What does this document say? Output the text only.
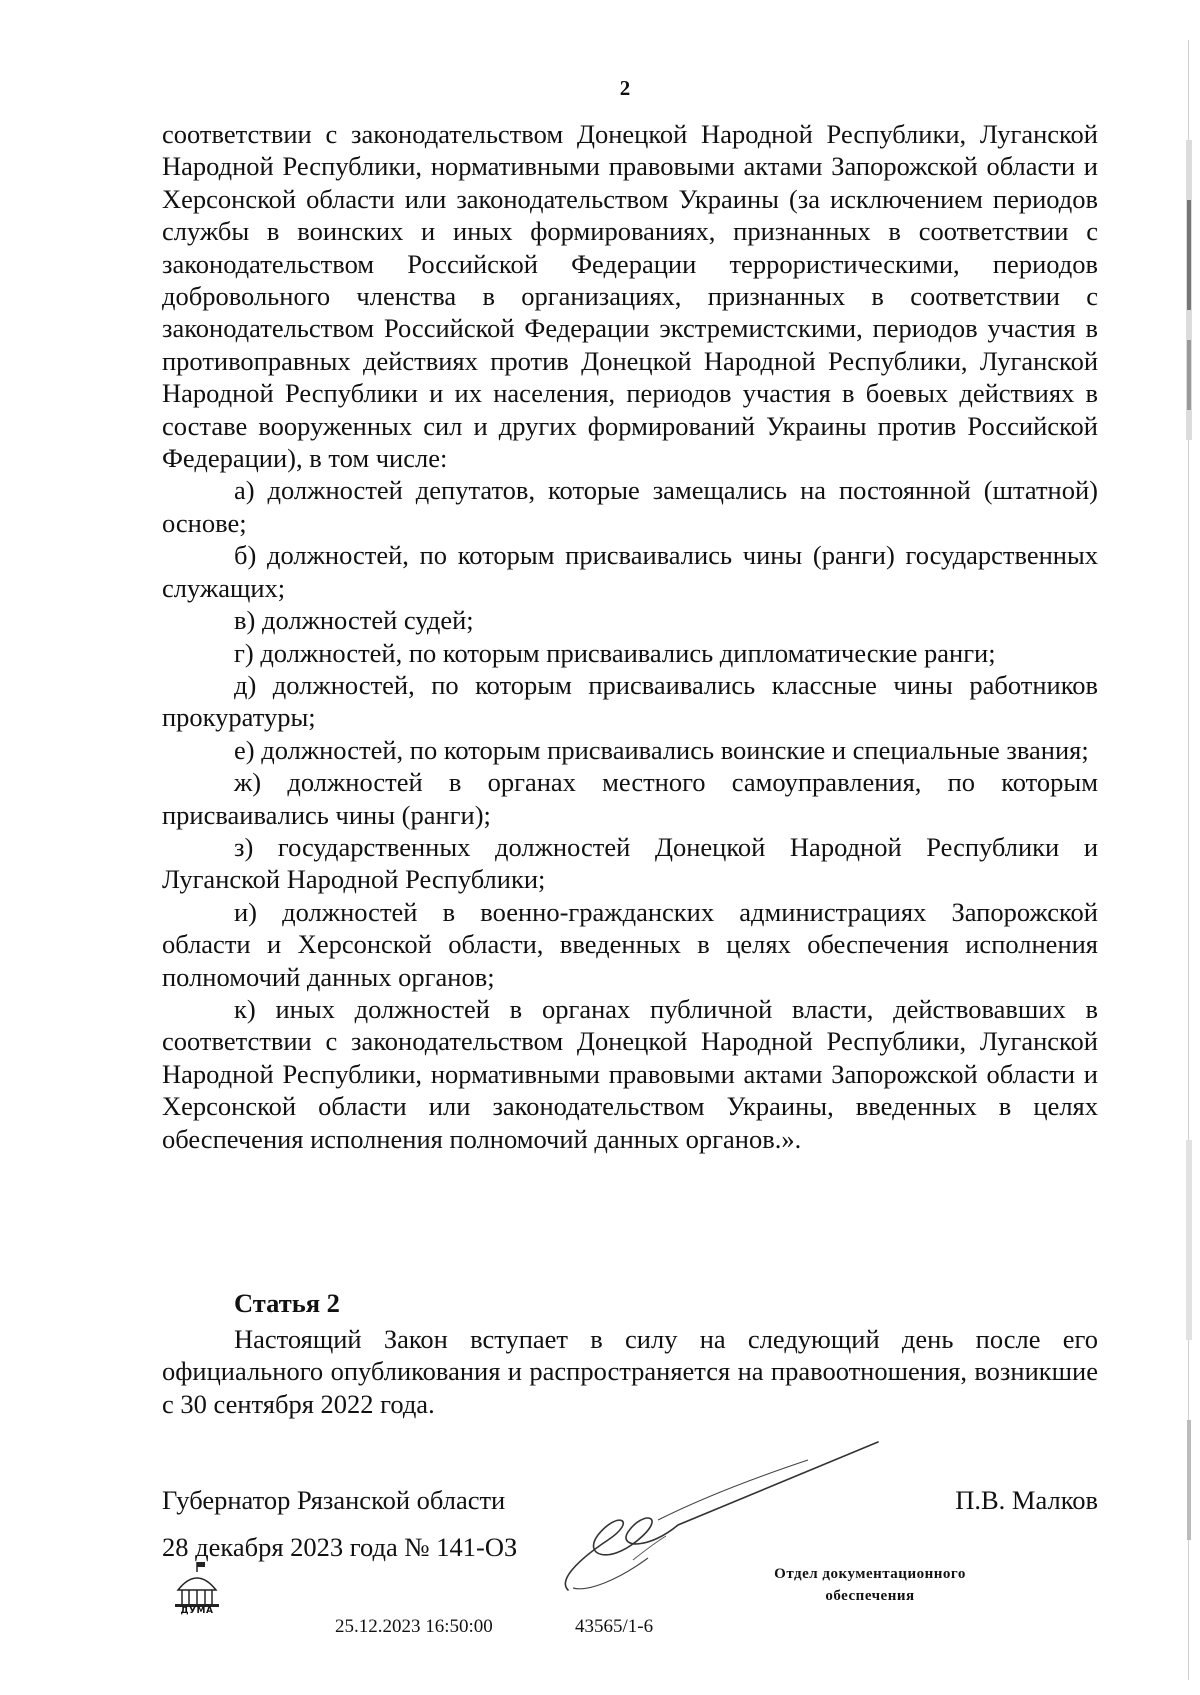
2

соответствии с законодательством Донецкой Народной Республики, Луганской Народной Республики, нормативными правовыми актами Запорожской области и Херсонской области или законодательством Украины (за исключением периодов службы в воинских и иных формированиях, признанных в соответствии с законодательством Российской Федерации террористическими, периодов добровольного членства в организациях, признанных в соответствии с законодательством Российской Федерации экстремистскими, периодов участия в противоправных действиях против Донецкой Народной Республики, Луганской Народной Республики и их населения, периодов участия в боевых действиях в составе вооруженных сил и других формирований Украины против Российской Федерации), в том числе:

а) должностей депутатов, которые замещались на постоянной (штатной) основе;

б) должностей, по которым присваивались чины (ранги) государственных служащих;

в) должностей судей;

г) должностей, по которым присваивались дипломатические ранги;

д) должностей, по которым присваивались классные чины работников прокуратуры;

е) должностей, по которым присваивались воинские и специальные звания;

ж) должностей в органах местного самоуправления, по которым присваивались чины (ранги);

з) государственных должностей Донецкой Народной Республики и Луганской Народной Республики;

и) должностей в военно-гражданских администрациях Запорожской области и Херсонской области, введенных в целях обеспечения исполнения полномочий данных органов;

к) иных должностей в органах публичной власти, действовавших в соответствии с законодательством Донецкой Народной Республики, Луганской Народной Республики, нормативными правовыми актами Запорожской области и Херсонской области или законодательством Украины, введенных в целях обеспечения исполнения полномочий данных органов.».

Статья 2
Настоящий Закон вступает в силу на следующий день после его официального опубликования и распространяется на правоотношения, возникшие с 30 сентября 2022 года.
Губернатор Рязанской области	П.В. Малков
28 декабря 2023 года № 141-ОЗ
Отдел документационного
обеспечения
25.12.2023 16:50:00	43565/1-6
ДУМА
